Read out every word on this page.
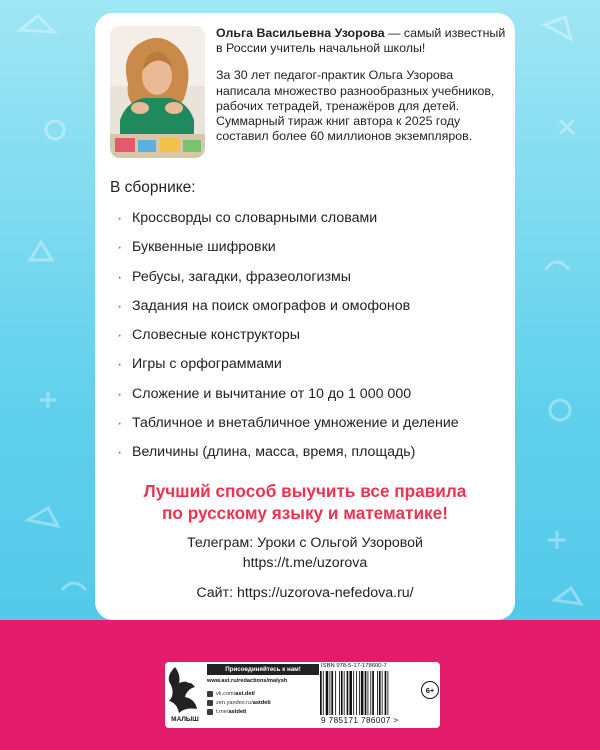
Ольга Васильевна Узорова — самый известный в России учитель начальной школы!

За 30 лет педагог-практик Ольга Узорова написала множество разнообразных учебников, рабочих тетрадей, тренажёров для детей.

Суммарный тираж книг автора к 2025 году составил более 60 миллионов экземпляров.

В сборнике:
· Кроссворды со словарными словами
· Буквенные шифровки
· Ребусы, загадки, фразеологизмы
· Задания на поиск омографов и омофонов
· Словесные конструкторы
· Игры с орфограммами
· Сложение и вычитание от 10 до 1 000 000
· Табличное и внетабличное умножение и деление
· Величины (длина, масса, время, площадь)
Лучший способ выучить все правила
по русскому языку и математике!
Телеграм: Уроки с Ольгой Узоровой
https://t.me/uzorova
Сайт: https://uzorova-nefedova.ru/
МАЛЫШ
Присоединяйтесь к нам!
www.ast.ru/redactions/malysh
vk.com/ ast.deti
zen.yandex.ru/ astdeti
t.me/ astdeti
ISBN 978-5-17-178600-7
9 785171 786007 >
6+
